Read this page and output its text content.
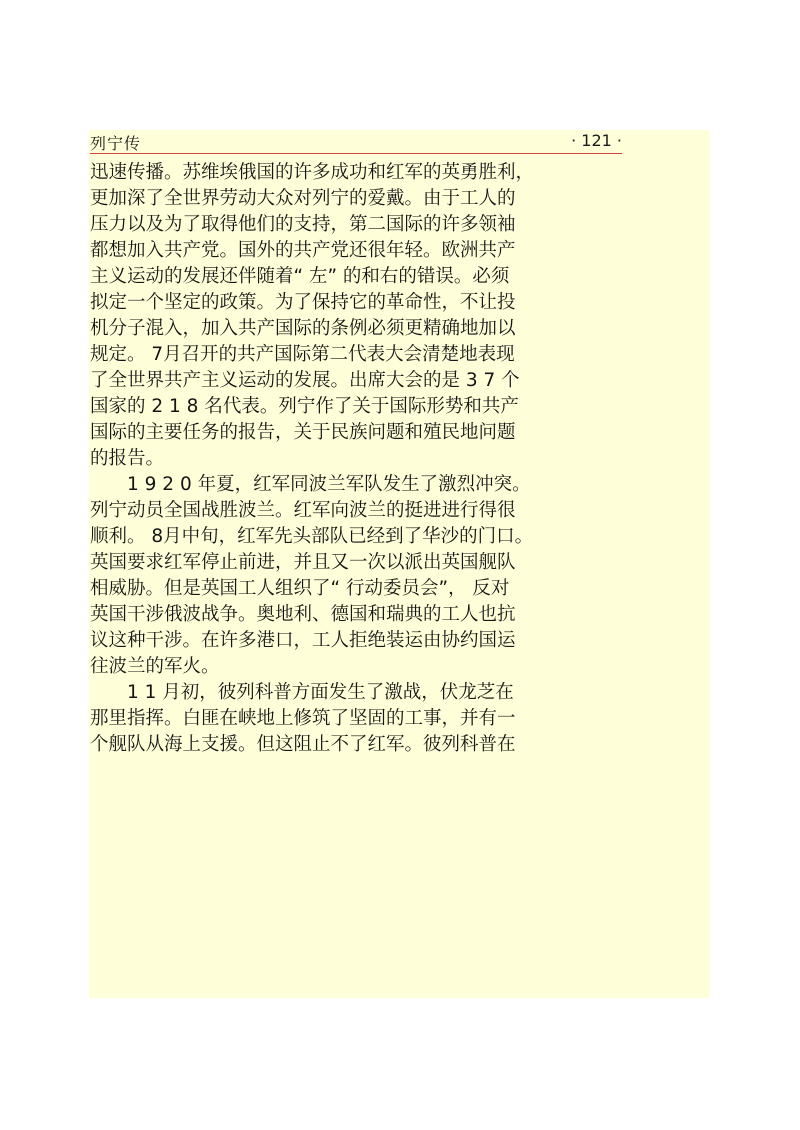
列宁传	· 121 ·
迅速传播。苏维埃俄国的许多成功和红军的英勇胜利，
更加深了全世界劳动大众对列宁的爱戴。由于工人的
压力以及为了取得他们的支持，第二国际的许多领袖
都想加入共产党。国外的共产党还很年轻。欧洲共产
主义运动的发展还伴随着“ 左” 的和右的错误。必须
拟定一个坚定的政策。为了保持它的革命性，不让投
机分子混入，加入共产国际的条例必须更精确地加以
规定。 7月召开的共产国际第二代表大会清楚地表现
了全世界共产主义运动的发展。出席大会的是 3 7 个
国家的 2 1 8 名代表。列宁作了关于国际形势和共产
国际的主要任务的报告，关于民族问题和殖民地问题
的报告。
　　1 9 2 0 年夏，红军同波兰军队发生了激烈冲突。
列宁动员全国战胜波兰。红军向波兰的挺进进行得很
顺利。 8月中旬，红军先头部队已经到了华沙的门口。
英国要求红军停止前进，并且又一次以派出英国舰队
相威胁。但是英国工人组织了“ 行动委员会”， 反对
英国干涉俄波战争。奥地利、德国和瑞典的工人也抗
议这种干涉。在许多港口，工人拒绝装运由协约国运
往波兰的军火。
　　1 1 月初，彼列科普方面发生了激战，伏龙芝在
那里指挥。白匪在峡地上修筑了坚固的工事，并有一
个舰队从海上支援。但这阻止不了红军。彼列科普在
